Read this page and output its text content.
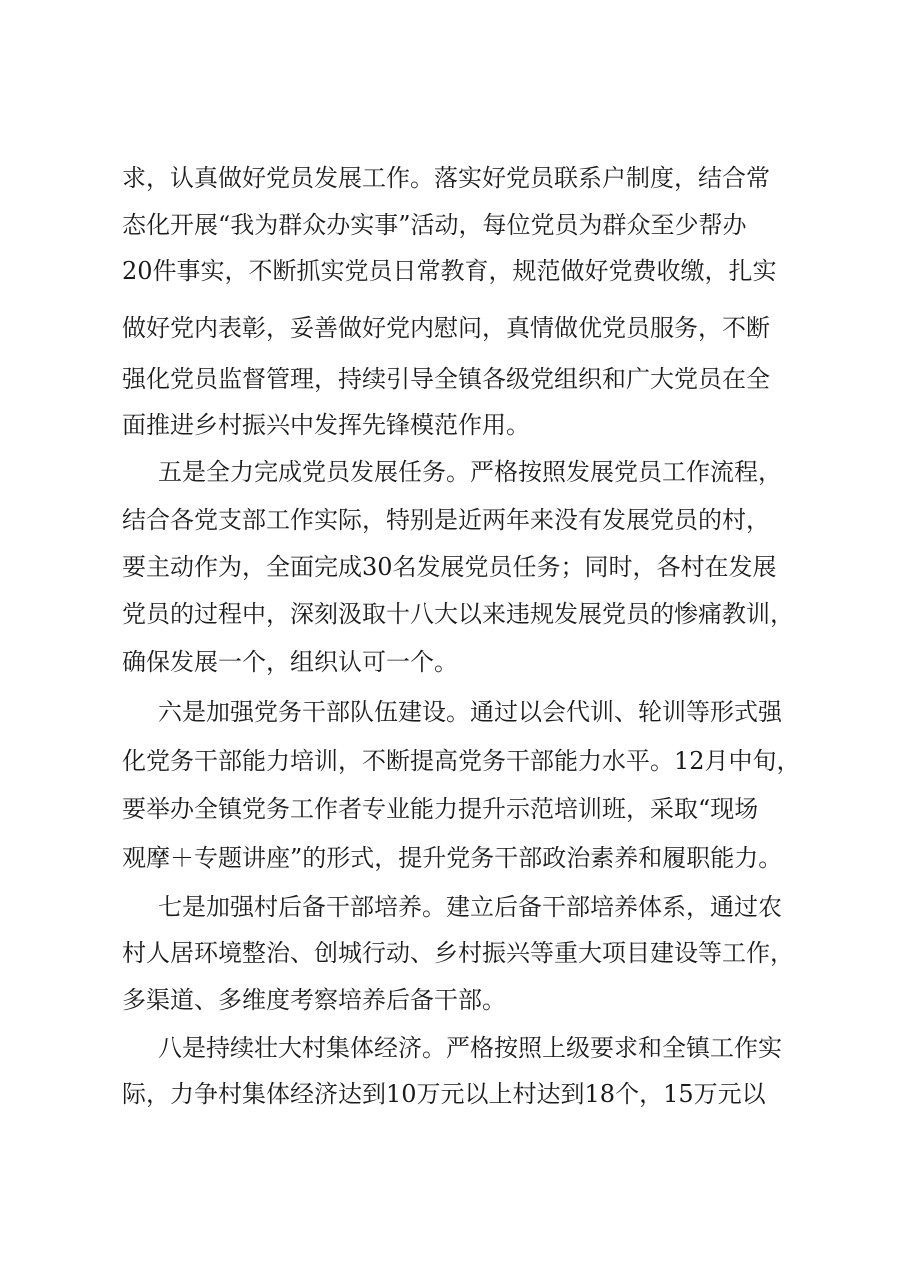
求，认真做好党员发展工作。落实好党员联系户制度，结合常
态化开展“我为群众办实事”活动，每位党员为群众至少帮办
20件事实，不断抓实党员日常教育，规范做好党费收缴，扎实
做好党内表彰，妥善做好党内慰问，真情做优党员服务，不断
强化党员监督管理，持续引导全镇各级党组织和广大党员在全
面推进乡村振兴中发挥先锋模范作用。
五是全力完成党员发展任务。严格按照发展党员工作流程，
结合各党支部工作实际，特别是近两年来没有发展党员的村，
要主动作为，全面完成30名发展党员任务；同时，各村在发展
党员的过程中，深刻汲取十八大以来违规发展党员的惨痛教训，
确保发展一个，组织认可一个。
六是加强党务干部队伍建设。通过以会代训、轮训等形式强
化党务干部能力培训，不断提高党务干部能力水平。12月中旬，
要举办全镇党务工作者专业能力提升示范培训班，采取“现场
观摩＋专题讲座”的形式，提升党务干部政治素养和履职能力。
七是加强村后备干部培养。建立后备干部培养体系，通过农
村人居环境整治、创城行动、乡村振兴等重大项目建设等工作，
多渠道、多维度考察培养后备干部。
八是持续壮大村集体经济。严格按照上级要求和全镇工作实
际，力争村集体经济达到10万元以上村达到18个，15万元以
